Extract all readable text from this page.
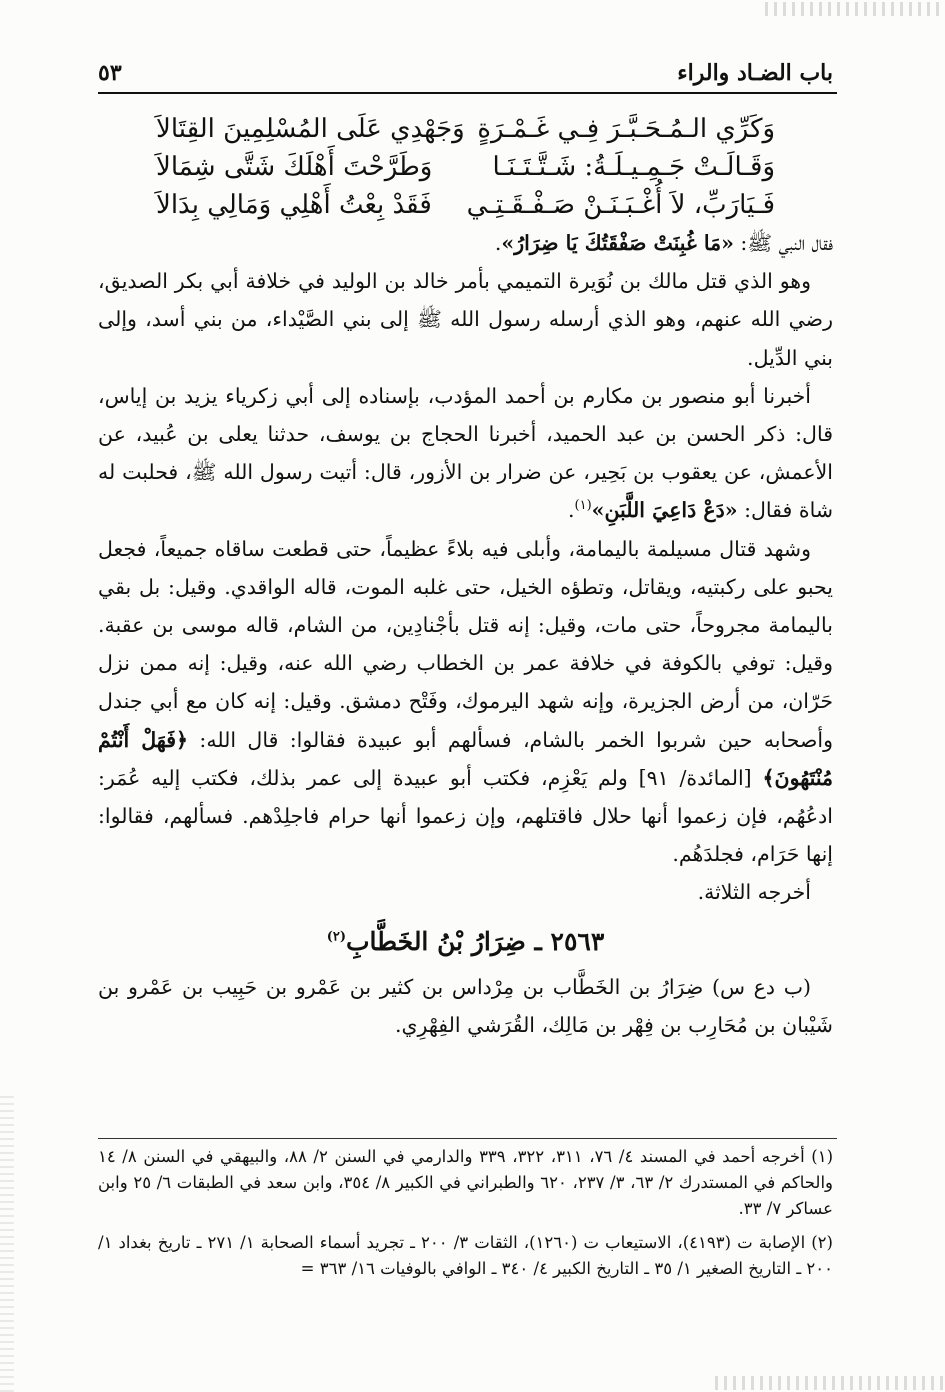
باب الضـاد والراء
٥٣
وَكَرِّي الـمُـحَـبَّـرَ فِـي غَـمْـرَةٍ
وَجَهْدِي عَلَى المُسْلِمِينَ القِتَالاَ
وَقَـالَـتْ جَـمِـيـلَـةُ: شَـتَّـتَـنَـا
وَطَرَّحْتَ أَهْلَكَ شَتَّى شِمَالاَ
فَـيَارَبِّ، لاَ أُغْـبَـنَـنْ صَـفْـقَـتِـي
فَقَدْ بِعْتُ أَهْلِي وَمَالِي بِدَالاَ

فقال النبي ﷺ: «مَا غُبِنَتْ صَفْقَتُكَ يَا ضِرَارُ».

وهو الذي قتل مالك بن نُوَيرة التميمي بأمر خالد بن الوليد في خلافة أبي بكر الصديق، رضي الله عنهم، وهو الذي أرسله رسول الله ﷺ إلى بني الصَّيْداء، من بني أسد، وإلى بني الدِّيل.

أخبرنا أبو منصور بن مكارم بن أحمد المؤدب، بإسناده إلى أبي زكرياء يزيد بن إياس، قال: ذكر الحسن بن عبد الحميد، أخبرنا الحجاج بن يوسف، حدثنا يعلى بن عُبيد، عن الأعمش، عن يعقوب بن بَحِير، عن ضرار بن الأزور، قال: أتيت رسول الله ﷺ، فحلبت له شاة فقال: «دَعْ دَاعِيَ اللَّبَنِ»$^{(١)}$.

وشهد قتال مسيلمة باليمامة، وأبلى فيه بلاءً عظيماً، حتى قطعت ساقاه جميعاً، فجعل يحبو على ركبتيه، ويقاتل، وتطؤه الخيل، حتى غلبه الموت، قاله الواقدي. وقيل: بل بقي باليمامة مجروحاً، حتى مات، وقيل: إنه قتل بأجْنادِين، من الشام، قاله موسى بن عقبة. وقيل: توفي بالكوفة في خلافة عمر بن الخطاب رضي الله عنه، وقيل: إنه ممن نزل حَرّان، من أرض الجزيرة، وإنه شهد اليرموك، وفَتْح دمشق. وقيل: إنه كان مع أبي جندل وأصحابه حين شربوا الخمر بالشام، فسألهم أبو عبيدة فقالوا: قال الله: ﴿فَهَلْ أَنْتُمْ مُنْتَهُونَ﴾ [المائدة/ ٩١] ولم يَعْزِم، فكتب أبو عبيدة إلى عمر بذلك، فكتب إليه عُمَر: ادعُهُم، فإن زعموا أنها حلال فاقتلهم، وإن زعموا أنها حرام فاجلِدْهم. فسألهم، فقالوا: إنها حَرَام، فجلدَهُم.

أخرجه الثلاثة.

٢٥٦٣ ـ ضِرَارُ بْنُ الخَطَّابِ$^{(٢)}$

(ب دع س) ضِرَارُ بن الخَطَّاب بن مِرْداس بن كثير بن عَمْرو بن حَبِيب بن عَمْرو بن شَيْبان بن مُحَارِب بن فِهْر بن مَالِك، القُرَشي الفِهْرِي.

(١) أخرجه أحمد في المسند ٤/ ٧٦، ٣١١، ٣٢٢، ٣٣٩ والدارمي في السنن ٢/ ٨٨، والبيهقي في السنن ٨/ ١٤ والحاكم في المستدرك ٢/ ٦٣، ٣/ ٢٣٧، ٦٢٠ والطبراني في الكبير ٨/ ٣٥٤، وابن سعد في الطبقات ٦/ ٢٥ وابن عساكر ٧/ ٣٣.

(٢) الإصابة ت (٤١٩٣)، الاستيعاب ت (١٢٦٠)، الثقات ٣/ ٢٠٠ ـ تجريد أسماء الصحابة ١/ ٢٧١ ـ تاريخ بغداد ١/ ٢٠٠ ـ التاريخ الصغير ١/ ٣٥ ـ التاريخ الكبير ٤/ ٣٤٠ ـ الوافي بالوفيات ١٦/ ٣٦٣ =
